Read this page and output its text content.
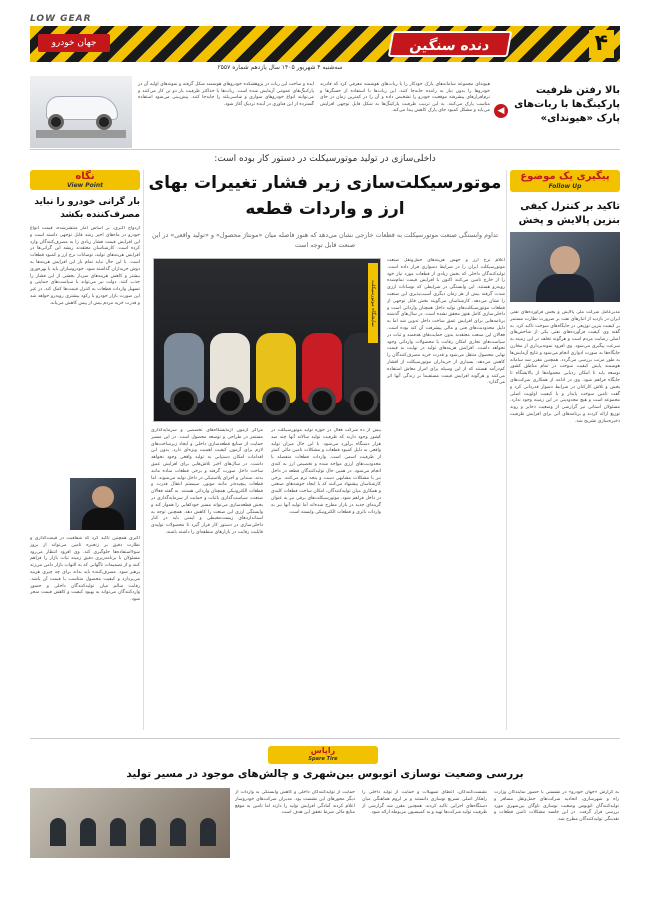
LOW GEAR
۴
دنده سنگین
جهان خودرو
سه‌شنبه ۴ شهریور ۱۴۰۵ سال یازدهم شماره ۲۵۵۷
بالا رفتن ظرفیت پارکینگ‌ها با ربات‌های پارک «هیوندای»
◀
هیوندای مجموعه سامانه‌های پارک خودکار را با ربات‌های هوشمند معرفی کرد که قادرند خودروها را بدون نیاز به راننده جابه‌جا کنند. این ربات‌ها با استفاده از حسگرها و نرم‌افزارهای پیشرفته موقعیت خودرو را تشخیص داده و آن را در کمترین زمان در جای مناسب پارک می‌کنند. به این ترتیب ظرفیت پارکینگ‌ها به شکل قابل توجهی افزایش می‌یابد و مشکل کمبود جای پارک کاهش پیدا می‌کند.
ایده و ساخت این ربات در پژوهشکده خودروهای هوشمند شکل گرفته و نمونه‌های اولیه آن در پارکینگ‌های عمومی آزمایش شده است. ربات‌ها با حداکثر ظرفیت بار دو تن کار می‌کنند و می‌توانند انواع خودروهای سواری و شاسی‌بلند را جابه‌جا کنند. پیش‌بینی می‌شود استفاده گسترده از این فناوری در آینده نزدیک آغاز شود.
پیگیری یک موضوع
Follow Up
تاکید بر کنترل کیفی بنزین پالایش و پخش
مدیرعامل شرکت ملی پالایش و پخش فرآورده‌های نفتی ایران در بازدید از انبارهای نفت بر ضرورت نظارت مستمر بر کیفیت بنزین توزیعی در جایگاه‌های سوخت تاکید کرد. به گفته وی کیفیت فرآورده‌های نفتی یکی از شاخص‌های اصلی رضایت مردم است و هرگونه تخلف در این زمینه به سرعت پیگیری می‌شود. وی افزود نمونه‌برداری از مخازن جایگاه‌ها به صورت ادواری انجام می‌شود و نتایج آزمایش‌ها به طور مرتب بررسی می‌گردد. همچنین مقرر شد سامانه هوشمند پایش کیفیت سوخت در تمام مناطق کشور توسعه یابد تا امکان ردیابی محموله‌ها از پالایشگاه تا جایگاه فراهم شود. وی در ادامه از همکاری شرکت‌های پخش و تلاش کارکنان در شرایط دشوار قدردانی کرد و گفت تامین سوخت پایدار و با کیفیت اولویت اصلی مجموعه است و هیچ محدودیتی در این زمینه وجود ندارد. مسئولان استانی نیز گزارشی از وضعیت ذخایر و روند توزیع ارائه کردند و برنامه‌های آتی برای افزایش ظرفیت ذخیره‌سازی تشریح شد.
داخلی‌سازی در تولید موتورسیکلت در دستور کار بوده است:
موتورسیکلت‌سازی زیر فشار تغییرات بهای ارز و واردات قطعه
تداوم وابستگی صنعت موتورسیکلت به قطعات خارجی نشان می‌دهد که هنوز فاصله میان «مونتاژ محصول» و «تولید واقعی» در این صنعت قابل توجه است
نمایشگاه موتورسیکلت
اعلام نرخ ارز و جهش هزینه‌های حمل‌ونقل صنعت موتورسیکلت ایران را در شرایط دشواری قرار داده است. تولیدکنندگان داخلی که بخش زیادی از قطعات مورد نیاز خود را از خارج تامین می‌کنند اکنون با افزایش قیمت تمام‌شده روبه‌رو هستند. این وابستگی در شرایطی که نوسانات ارزی شدت گرفته بیش از هر زمان دیگری آسیب‌پذیری این صنعت را نشان می‌دهد. کارشناسان می‌گویند بخش قابل توجهی از قطعات موتورسیکلت‌های تولید داخل همچنان وارداتی است و داخلی‌سازی کامل هنوز محقق نشده است. در سال‌های گذشته برنامه‌هایی برای افزایش عمق ساخت داخل تدوین شد اما به دلیل محدودیت‌های فنی و مالی پیشرفت آن کند بوده است. فعالان این صنعت معتقدند بدون حمایت‌های هدفمند و ثبات در سیاست‌های تجاری امکان رقابت با محصولات وارداتی وجود نخواهد داشت. افزایش هزینه‌های تولید در نهایت به قیمت نهایی محصول منتقل می‌شود و قدرت خرید مصرف‌کنندگان را کاهش می‌دهد. بسیاری از خریداران موتورسیکلت از اقشار کم‌درآمد هستند که از این وسیله برای امرار معاش استفاده می‌کنند و هرگونه افزایش قیمت مستقیما بر زندگی آنها اثر می‌گذارد.
بیش از ده شرکت فعال در حوزه تولید موتورسیکلت در کشور وجود دارند که ظرفیت تولید سالانه آنها چند صد هزار دستگاه برآورد می‌شود. با این حال میزان تولید واقعی به دلیل کمبود قطعات و مشکلات تامین مالی کمتر از ظرفیت اسمی است. واردات قطعات منفصله با محدودیت‌های ارزی مواجه شده و تخصیص ارز به کندی انجام می‌شود. در همین حال تولیدکنندگان قطعه در داخل نیز با مشکلات مشابهی دست و پنجه نرم می‌کنند. برخی کارشناسان پیشنهاد می‌کنند که با ایجاد خوشه‌های صنعتی و همکاری میان تولیدکنندگان، امکان ساخت قطعات کلیدی در داخل فراهم شود. موتورسیکلت‌های برقی نیز به عنوان گزینه‌ای جدید در بازار مطرح شده‌اند اما تولید آنها نیز به واردات باتری و قطعات الکترونیکی وابسته است.
مراکز آزمون آزمایشگاه‌های تخصصی و سرمایه‌گذاری مستمر در طراحی و توسعه محصول است. در این مسیر حمایت از صنایع قطعه‌سازی داخلی و ایجاد زیرساخت‌های لازم برای آزمون کیفیت اهمیت ویژه‌ای دارد. بدون این اقدامات امکان دستیابی به تولید واقعی وجود نخواهد داشت. در سال‌های اخیر تلاش‌هایی برای افزایش عمق ساخت داخل صورت گرفته و برخی قطعات ساده مانند بدنه، صندلی و اجزای پلاستیکی در داخل تولید می‌شوند. اما قطعات پیچیده‌تر مانند موتور، سیستم انتقال قدرت و قطعات الکترونیکی همچنان وارداتی هستند. به گفته فعالان صنعت، سیاست‌گذاری باثبات و حمایت از سرمایه‌گذاری در بخش قطعه‌سازی می‌تواند مسیر خودکفایی را هموار کند و وابستگی ارزی این صنعت را کاهش دهد. همچنین توجه به استانداردهای زیست‌محیطی و ایمنی باید در کنار داخلی‌سازی در دستور کار قرار گیرد تا محصولات تولیدی قابلیت رقابت در بازارهای منطقه‌ای را داشته باشند.
نگاه
View Point
بار گرانی خودرو را نباید مصرف‌کننده بکشد
ازدواج اکبری، بر اساس آمار منتشرشده، قیمت انواع خودرو در ماه‌های اخیر رشد قابل توجهی داشته است و این افزایش قیمت فشار زیادی را به مصرف‌کنندگان وارد کرده است. کارشناسان معتقدند ریشه این گرانی‌ها در افزایش هزینه‌های تولید، نوسانات نرخ ارز و کمبود قطعات است. با این حال نباید تمام بار این افزایش هزینه‌ها به دوش خریداران گذاشته شود. خودروسازان باید با بهره‌وری بیشتر و کاهش هزینه‌های سربار بخشی از این فشار را جذب کنند. دولت نیز می‌تواند با سیاست‌های حمایتی و تسهیل واردات قطعات به کنترل قیمت‌ها کمک کند. در غیر این صورت بازار خودرو با رکود بیشتری روبه‌رو خواهد شد و قدرت خرید مردم بیش از پیش کاهش می‌یابد.
اکبری همچنین تاکید کرد که شفافیت در قیمت‌گذاری و نظارت دقیق بر زنجیره تامین می‌تواند از بروز سوءاستفاده‌ها جلوگیری کند. وی افزود انتظار می‌رود مسئولان با برنامه‌ریزی دقیق زمینه ثبات بازار را فراهم کنند و از تصمیمات ناگهانی که به التهاب بازار دامن می‌زند پرهیز شود. مصرف‌کننده باید بداند برای چه چیزی هزینه می‌پردازد و کیفیت محصول متناسب با قیمت آن باشد. رقابت سالم میان تولیدکنندگان داخلی و حضور واردکنندگان می‌تواند به بهبود کیفیت و کاهش قیمت منجر شود.
زاپاس
Spare Tire
بررسی وضعیت نوسازی اتوبوس بین‌شهری و چالش‌های موجود در مسیر تولید
به گزارش «جهان خودرو» در نشستی با حضور نمایندگان وزارت راه و شهرسازی، اتحادیه شرکت‌های حمل‌ونقل مسافر و تولیدکنندگان اتوبوس وضعیت نوسازی ناوگان بین‌شهری مورد بررسی قرار گرفت. در این جلسه مشکلات تامین قطعات و نقدینگی تولیدکنندگان مطرح شد.
نشست‌کنندگان، اعطای تسهیلات و حمایت از تولید داخلی را راهکار اصلی تسریع نوسازی دانستند و بر لزوم هماهنگی میان دستگاه‌های اجرایی تاکید کردند. همچنین مقرر شد گزارشی از ظرفیت تولید شرکت‌ها تهیه و به کمیسیون مربوطه ارائه شود.
حمایت از تولیدکنندگان داخلی و کاهش وابستگی به واردات از دیگر محورهای این نشست بود. مدیران شرکت‌های خودروساز اعلام کردند آمادگی افزایش تولید را دارند اما تامین به موقع منابع مالی شرط تحقق این هدف است.
